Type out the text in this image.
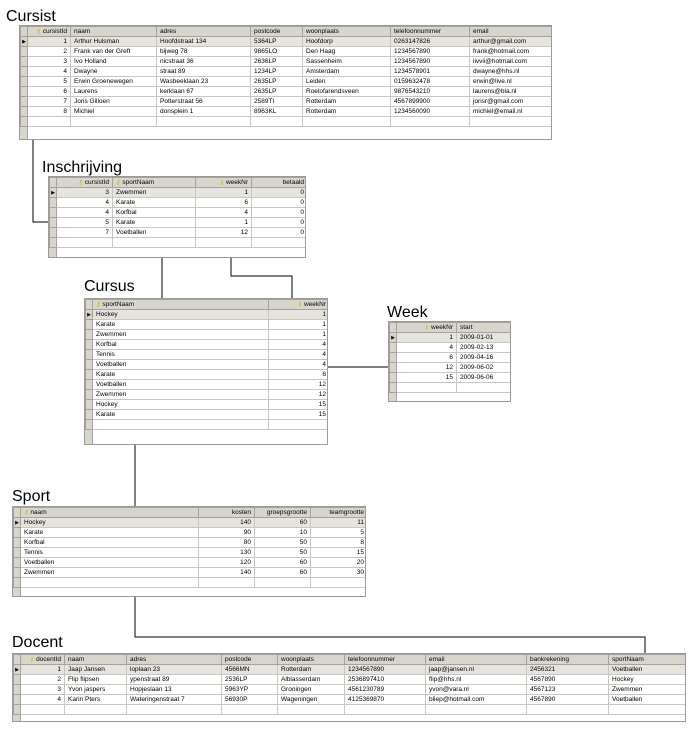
Cursist
Inschrijving
Cursus
Week
Sport
Docent
	⚷ cursistId	naam	adres	postcode	woonplaats	telefoonnummer	email
▶	1	Arthur Hulsman	Hoofdstraat 134	5364LP	Hoofdorp	0263147826	arthur@gmail.com
	2	Frank van der Greft	bijweg 78	9865LO	Den Haag	1234567890	frank@hotmail.com
	3	Ivo Holland	nicstraat 36	2636LP	Sassenheim	1234567890	iivvii@hotmail.com
	4	Dwayne	straat 89	1234LP	Amsterdam	1234578901	dwayne@hhs.nl
	5	Erwin Groenewegen	Wasbeeklaan 23	2635LP	Leiden	0159632478	erwin@live.nl
	6	Laurens	kerklaan 67	2635LP	Roelofarendsveen	9876543210	laurens@bla.nl
	7	Joris Gilloen	Potterstraat 56	2589TI	Rotterdam	4567899900	jorisr@gmail.com
	8	Michiel	donsplein 1	8963KL	Rotterdam	1234560090	michiel@email.nl

	⚷ cursistId	⚷ sportNaam	⚷ weekNr	betaald
▶	3	Zwemmen	1	0
	4	Karate	6	0
	4	Korfbal	4	0
	5	Karate	1	0
	7	Voetballen	12	0

	⚷ sportNaam	⚷ weekNr
▶	Hockey	1
	Karate	1
	Zwemmen	1
	Korfbal	4
	Tennis	4
	Voetballen	4
	Karate	6
	Voetballen	12
	Zwemmen	12
	Hockey	15
	Karate	15

	⚷ weekNr	start
▶	1	2009-01-01
	4	2009-02-13
	6	2009-04-16
	12	2009-06-02
	15	2009-06-06

	⚷ naam	kosten	groepsgrootte	teamgrootte
▶	Hockey	140	60	11
	Karate	90	10	5
	Korfbal	80	50	8
	Tennis	130	50	15
	Voetballen	120	60	20
	Zwemmen	140	60	30

	⚷ docentId	naam	adres	postcode	woonplaats	telefoonnummer	email	bankrekening	sportNaam
▶	1	Jaap Jansen	loplaan 23	4566MN	Rotterdam	1234567890	jaap@jansen.nl	2456321	Voetballen
	2	Flip flipsen	ypenstraat 89	2536LP	Alblasserdam	2536897410	flip@hhs.nl	4567890	Hockey
	3	Yvon jaspers	Hopjeslaan 13	5963YP	Groningen	4561230789	yvon@vara.nl	4567123	Zwemmen
	4	Karin Pters	Wateringenstraat 7	56930P	Wageningen	4125369870	bliep@hotmail.com	4567890	Voetballen
